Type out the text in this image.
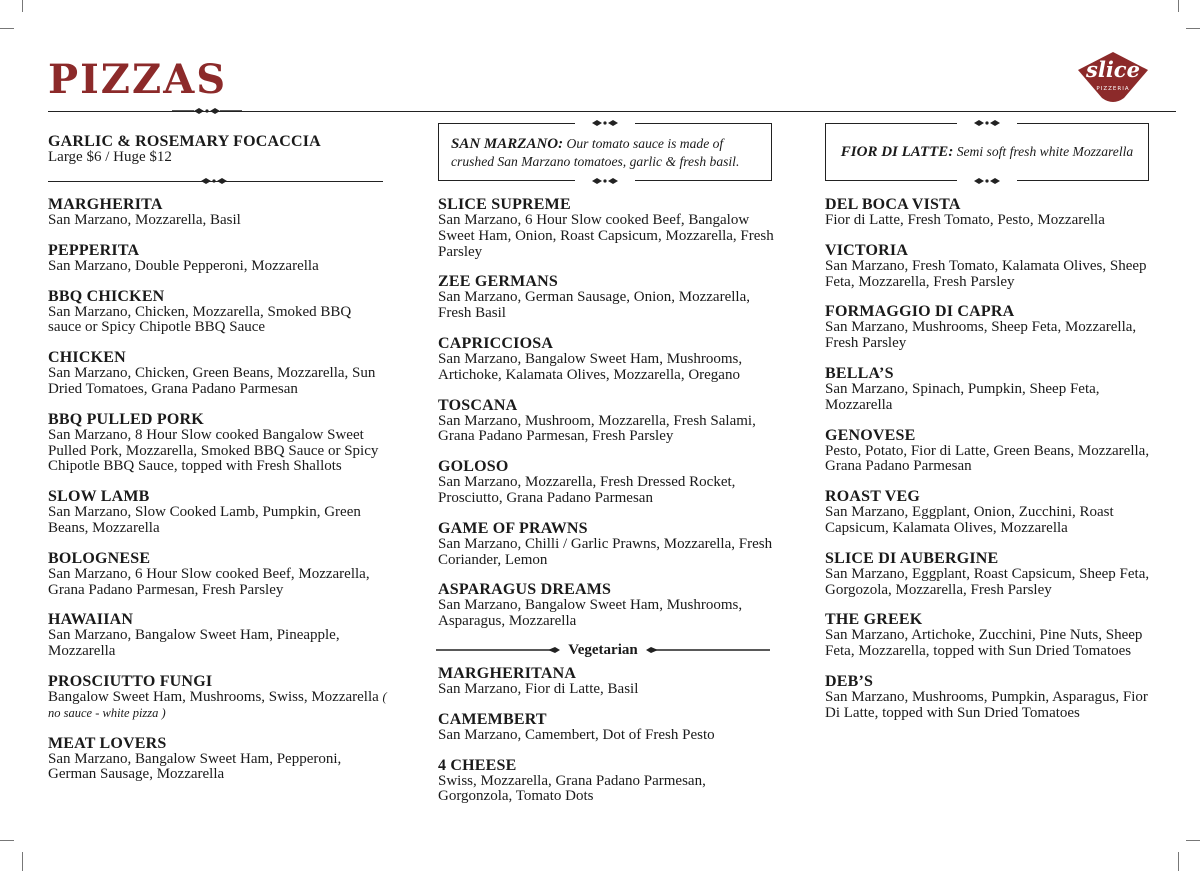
PIZZAS	slice
PIZZERIA
GARLIC & ROSEMARY FOCACCIA

Large $6 / Huge $12

MARGHERITA

San Marzano, Mozzarella, Basil

PEPPERITA

San Marzano, Double Pepperoni, Mozzarella

BBQ CHICKEN

San Marzano, Chicken, Mozzarella, Smoked BBQ sauce or Spicy Chipotle BBQ Sauce

CHICKEN

San Marzano, Chicken, Green Beans, Mozzarella, Sun Dried Tomatoes, Grana Padano Parmesan

BBQ PULLED PORK

San Marzano, 8 Hour Slow cooked Bangalow Sweet Pulled Pork, Mozzarella, Smoked BBQ Sauce or Spicy Chipotle BBQ Sauce, topped with Fresh Shallots

SLOW LAMB

San Marzano, Slow Cooked Lamb, Pumpkin, Green Beans, Mozzarella

BOLOGNESE

San Marzano, 6 Hour Slow cooked Beef, Mozzarella, Grana Padano Parmesan, Fresh Parsley

HAWAIIAN

San Marzano, Bangalow Sweet Ham, Pineapple, Mozzarella

PROSCIUTTO FUNGI

Bangalow Sweet Ham, Mushrooms, Swiss, Mozzarella ( no sauce - white pizza )

MEAT LOVERS

San Marzano, Bangalow Sweet Ham, Pepperoni, German Sausage, Mozzarella

SAN MARZANO: Our tomato sauce is made of crushed San Marzano tomatoes, garlic & fresh basil.
SLICE SUPREME

San Marzano, 6 Hour Slow cooked Beef, Bangalow Sweet Ham, Onion, Roast Capsicum, Mozzarella, Fresh Parsley

ZEE GERMANS

San Marzano, German Sausage, Onion, Mozzarella, Fresh Basil

CAPRICCIOSA

San Marzano, Bangalow Sweet Ham, Mushrooms, Artichoke, Kalamata Olives, Mozzarella, Oregano

TOSCANA

San Marzano, Mushroom, Mozzarella, Fresh Salami, Grana Padano Parmesan, Fresh Parsley

GOLOSO

San Marzano, Mozzarella, Fresh Dressed Rocket, Prosciutto, Grana Padano Parmesan

GAME OF PRAWNS

San Marzano, Chilli / Garlic Prawns, Mozzarella, Fresh Coriander, Lemon

ASPARAGUS DREAMS

San Marzano, Bangalow Sweet Ham, Mushrooms, Asparagus, Mozzarella

Vegetarian
MARGHERITANA

San Marzano, Fior di Latte, Basil

CAMEMBERT

San Marzano, Camembert, Dot of Fresh Pesto

4 CHEESE

Swiss, Mozzarella, Grana Padano Parmesan, Gorgonzola, Tomato Dots

FIOR DI LATTE: Semi soft fresh white Mozzarella
DEL BOCA VISTA

Fior di Latte, Fresh Tomato, Pesto, Mozzarella

VICTORIA

San Marzano, Fresh Tomato, Kalamata Olives, Sheep Feta, Mozzarella, Fresh Parsley

FORMAGGIO DI CAPRA

San Marzano, Mushrooms, Sheep Feta, Mozzarella, Fresh Parsley

BELLA’S

San Marzano, Spinach, Pumpkin, Sheep Feta, Mozzarella

GENOVESE

Pesto, Potato, Fior di Latte, Green Beans, Mozzarella, Grana Padano Parmesan

ROAST VEG

San Marzano, Eggplant, Onion, Zucchini, Roast Capsicum, Kalamata Olives, Mozzarella

SLICE DI AUBERGINE

San Marzano, Eggplant, Roast Capsicum, Sheep Feta, Gorgozola, Mozzarella, Fresh Parsley

THE GREEK

San Marzano, Artichoke, Zucchini, Pine Nuts, Sheep Feta, Mozzarella, topped with Sun Dried Tomatoes

DEB’S

San Marzano, Mushrooms, Pumpkin, Asparagus, Fior Di Latte, topped with Sun Dried Tomatoes
